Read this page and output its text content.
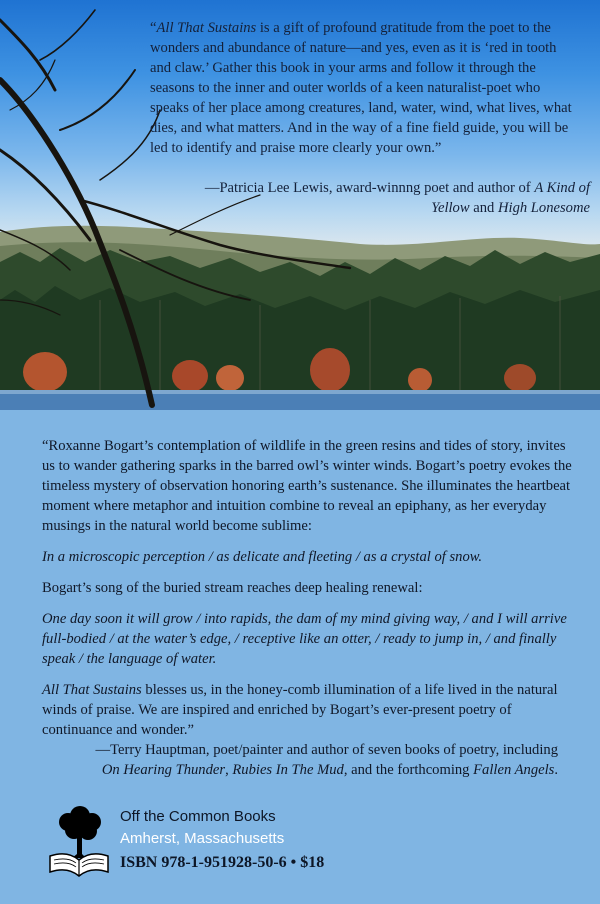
“All That Sustains is a gift of profound gratitude from the poet to the wonders and abundance of nature—and yes, even as it is ‘red in tooth and claw.’ Gather this book in your arms and follow it through the seasons to the inner and outer worlds of a keen naturalist-poet who speaks of her place among creatures, land, water, wind, what lives, what dies, and what matters. And in the way of a fine field guide, you will be led to identify and praise more clearly your own.”

—Patricia Lee Lewis, award-winnng poet and author of A Kind of Yellow and High Lonesome

“Roxanne Bogart’s contemplation of wildlife in the green resins and tides of story, invites us to wander gathering sparks in the barred owl’s winter winds. Bogart’s poetry evokes the timeless mystery of observation honoring earth’s sustenance. She illuminates the heartbeat moment where metaphor and intuition combine to reveal an epiphany, as her everyday musings in the natural world become sublime:

In a microscopic perception / as delicate and fleeting / as a crystal of snow.

Bogart’s song of the buried stream reaches deep healing renewal:

One day soon it will grow / into rapids, the dam of my mind giving way, / and I will arrive full-bodied / at the water’s edge, / receptive like an otter, / ready to jump in, / and finally speak / the language of water.

All That Sustains blesses us, in the honey-comb illumination of a life lived in the natural winds of praise. We are inspired and enriched by Bogart’s ever-present poetry of continuance and wonder.”

—Terry Hauptman, poet/painter and author of seven books of poetry, including
On Hearing Thunder, Rubies In The Mud, and the forthcoming Fallen Angels.
Off the Common Books
Amherst, Massachusetts
ISBN 978-1-951928-50-6 • $18
